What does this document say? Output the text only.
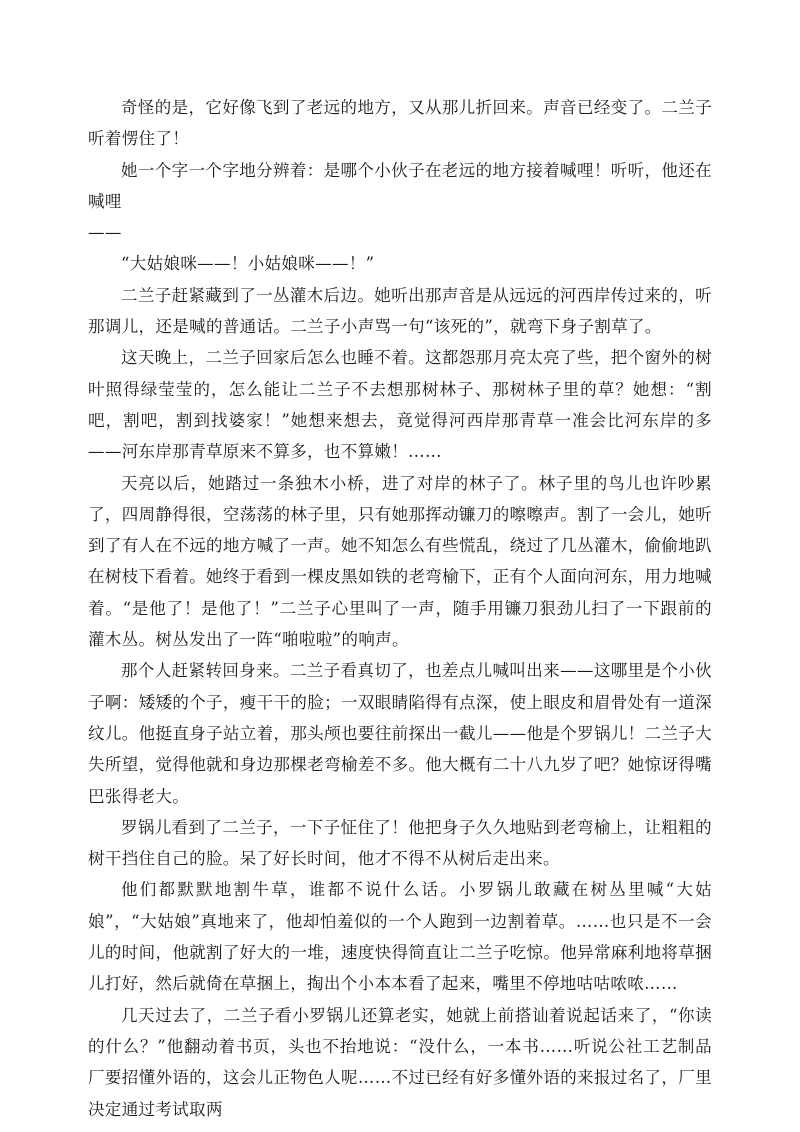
奇怪的是，它好像飞到了老远的地方，又从那儿折回来。声音已经变了。二兰子听着愣住了！

她一个字一个字地分辨着：是哪个小伙子在老远的地方接着喊哩！听听，他还在喊哩

——

“大姑娘咪——！小姑娘咪——！”

二兰子赶紧藏到了一丛灌木后边。她听出那声音是从远远的河西岸传过来的，听那调儿，还是喊的普通话。二兰子小声骂一句“该死的”，就弯下身子割草了。

这天晚上，二兰子回家后怎么也睡不着。这都怨那月亮太亮了些，把个窗外的树叶照得绿莹莹的，怎么能让二兰子不去想那树林子、那树林子里的草？她想：“割吧，割吧，割到找婆家！”她想来想去，竟觉得河西岸那青草一准会比河东岸的多——河东岸那青草原来不算多，也不算嫩！……

天亮以后，她踏过一条独木小桥，进了对岸的林子了。林子里的鸟儿也许吵累了，四周静得很，空荡荡的林子里，只有她那挥动镰刀的嚓嚓声。割了一会儿，她听到了有人在不远的地方喊了一声。她不知怎么有些慌乱，绕过了几丛灌木，偷偷地趴在树枝下看着。她终于看到一棵皮黑如铁的老弯榆下，正有个人面向河东，用力地喊着。“是他了！是他了！”二兰子心里叫了一声，随手用镰刀狠劲儿扫了一下跟前的灌木丛。树丛发出了一阵“啪啦啦”的响声。

那个人赶紧转回身来。二兰子看真切了，也差点儿喊叫出来——这哪里是个小伙子啊：矮矮的个子，瘦干干的脸；一双眼睛陷得有点深，使上眼皮和眉骨处有一道深纹儿。他挺直身子站立着，那头颅也要往前探出一截儿——他是个罗锅儿！二兰子大失所望，觉得他就和身边那棵老弯榆差不多。他大概有二十八九岁了吧？她惊讶得嘴巴张得老大。

罗锅儿看到了二兰子，一下子怔住了！他把身子久久地贴到老弯榆上，让粗粗的树干挡住自己的脸。呆了好长时间，他才不得不从树后走出来。

他们都默默地割牛草，谁都不说什么话。小罗锅儿敢藏在树丛里喊“大姑娘”，“大姑娘”真地来了，他却怕羞似的一个人跑到一边割着草。……也只是不一会儿的时间，他就割了好大的一堆，速度快得简直让二兰子吃惊。他异常麻利地将草捆儿打好，然后就倚在草捆上，掏出个小本本看了起来，嘴里不停地咕咕哝哝……

几天过去了，二兰子看小罗锅儿还算老实，她就上前搭讪着说起话来了，“你读的什么？”他翻动着书页，头也不抬地说：“没什么，一本书……听说公社工艺制品厂要招懂外语的，这会儿正物色人呢……不过已经有好多懂外语的来报过名了，厂里决定通过考试取两
